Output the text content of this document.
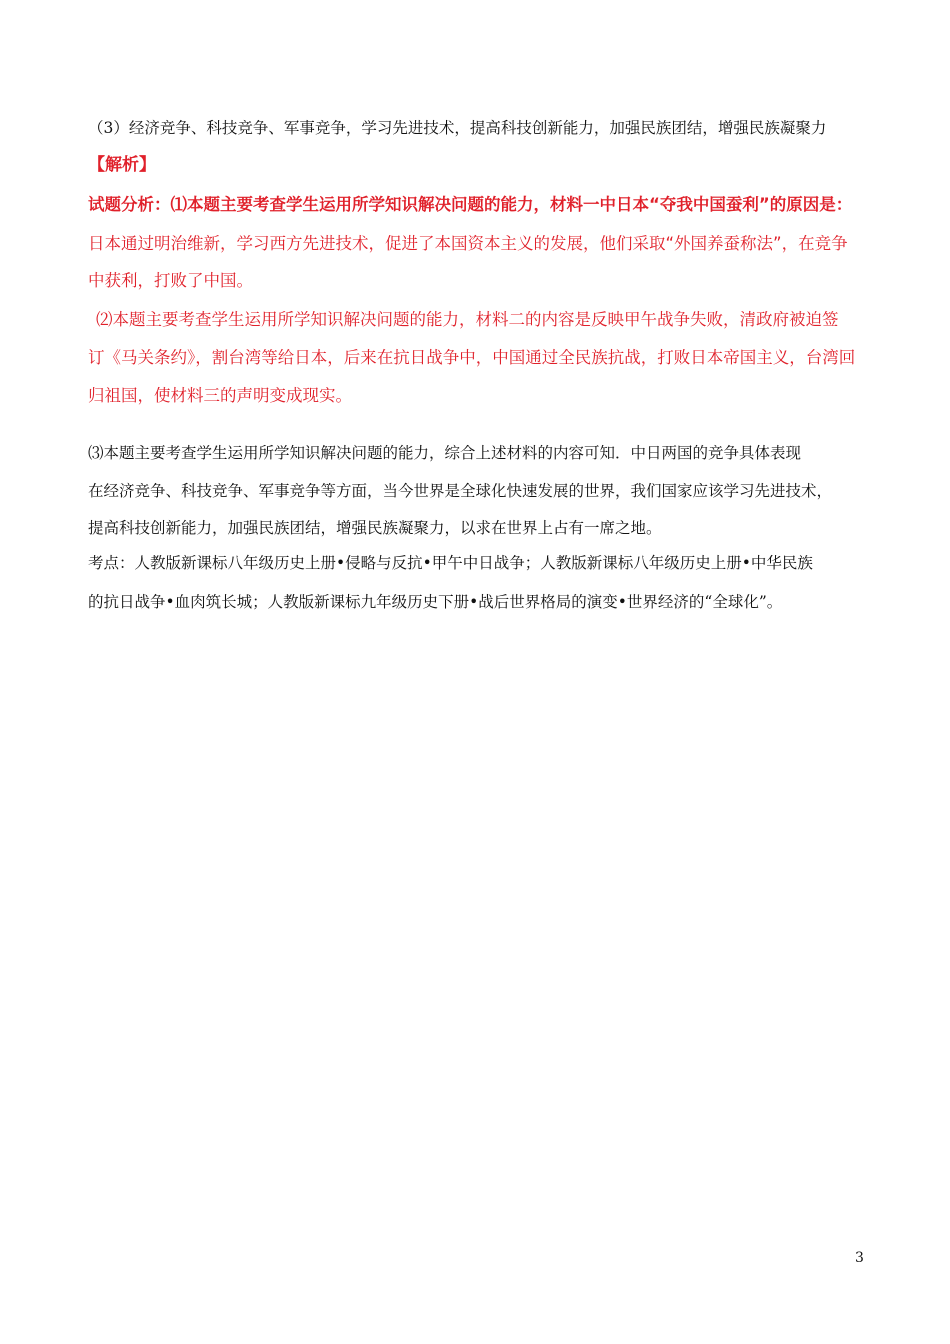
（3）经济竞争、科技竞争、军事竞争，学习先进技术，提高科技创新能力，加强民族团结，增强民族凝聚力
【解析】
试题分析：⑴本题主要考查学生运用所学知识解决问题的能力，材料一中日本“夺我中国蚕利”的原因是：
日本通过明治维新，学习西方先进技术，促进了本国资本主义的发展，他们采取“外国养蚕称法”，在竞争
中获利，打败了中国。
⑵本题主要考查学生运用所学知识解决问题的能力，材料二的内容是反映甲午战争失败，清政府被迫签
订《马关条约》，割台湾等给日本，后来在抗日战争中，中国通过全民族抗战，打败日本帝国主义，台湾回
归祖国，使材料三的声明变成现实。
⑶本题主要考查学生运用所学知识解决问题的能力，综合上述材料的内容可知．中日两国的竞争具体表现
在经济竞争、科技竞争、军事竞争等方面，当今世界是全球化快速发展的世界，我们国家应该学习先进技术，
提高科技创新能力，加强民族团结，增强民族凝聚力，以求在世界上占有一席之地。
考点：人教版新课标八年级历史上册•侵略与反抗•甲午中日战争；人教版新课标八年级历史上册•中华民族
的抗日战争•血肉筑长城；人教版新课标九年级历史下册•战后世界格局的演变•世界经济的“全球化”。
3
